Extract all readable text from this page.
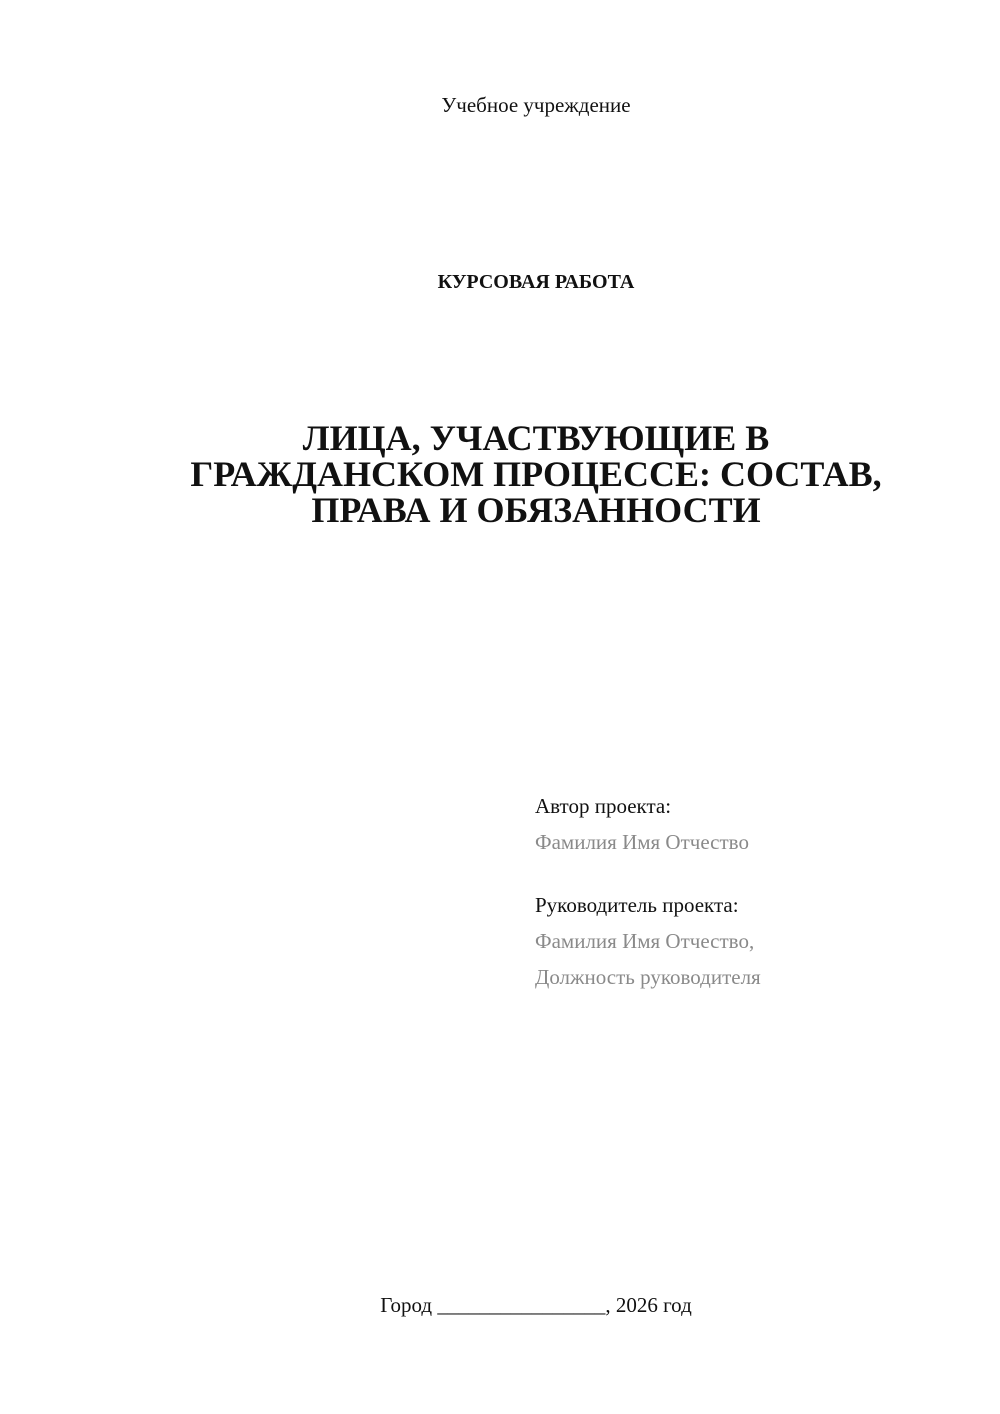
Учебное учреждение
КУРСОВАЯ РАБОТА
ЛИЦА, УЧАСТВУЮЩИЕ В
ГРАЖДАНСКОМ ПРОЦЕССЕ: СОСТАВ,
ПРАВА И ОБЯЗАННОСТИ
Автор проекта:
Фамилия Имя Отчество
Руководитель проекта:
Фамилия Имя Отчество,
Должность руководителя
Город ________________, 2026 год
